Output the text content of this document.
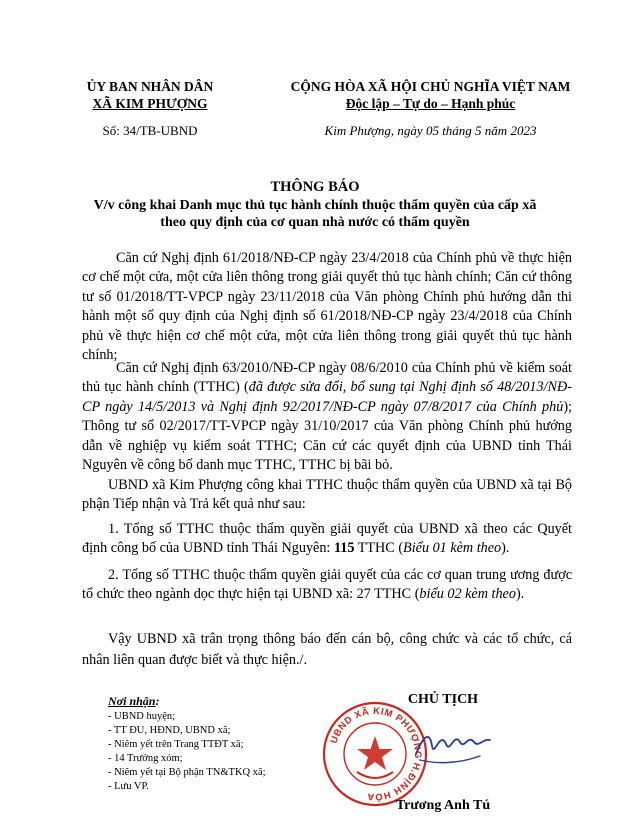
ỦY BAN NHÂN DÂN
XÃ KIM PHƯỢNG
Số: 34/TB-UBND
CỘNG HÒA XÃ HỘI CHỦ NGHĨA VIỆT NAM
Độc lập – Tự do – Hạnh phúc
Kim Phượng, ngày 05 tháng 5 năm 2023
THÔNG BÁO
V/v công khai Danh mục thủ tục hành chính thuộc thẩm quyền của cấp xã
theo quy định của cơ quan nhà nước có thẩm quyền
Căn cứ Nghị định 61/2018/NĐ-CP ngày 23/4/2018 của Chính phủ về thực hiện cơ chế một cửa, một cửa liên thông trong giải quyết thủ tục hành chính; Căn cứ thông tư số 01/2018/TT-VPCP ngày 23/11/2018 của Văn phòng Chính phủ hướng dẫn thi hành một số quy định của Nghị định số 61/2018/NĐ-CP ngày 23/4/2018 của Chính phủ về thực hiện cơ chế một cửa, một cửa liên thông trong giải quyết thủ tục hành chính;
Căn cứ Nghị định 63/2010/NĐ-CP ngày 08/6/2010 của Chính phủ về kiểm soát thủ tục hành chính (TTHC) (đã được sửa đổi, bổ sung tại Nghị định số 48/2013/NĐ-CP ngày 14/5/2013 và Nghị định 92/2017/NĐ-CP ngày 07/8/2017 của Chính phủ); Thông tư số 02/2017/TT-VPCP ngày 31/10/2017 của Văn phòng Chính phủ hướng dẫn về nghiệp vụ kiểm soát TTHC; Căn cứ các quyết định của UBND tỉnh Thái Nguyên về công bố danh mục TTHC, TTHC bị bãi bỏ.
UBND xã Kim Phượng công khai TTHC thuộc thẩm quyền của UBND xã tại Bộ phận Tiếp nhận và Trả kết quả như sau:
1. Tổng số TTHC thuộc thẩm quyền giải quyết của UBND xã theo các Quyết định công bố của UBND tỉnh Thái Nguyên: 115 TTHC (Biểu 01 kèm theo).
2. Tổng số TTHC thuộc thẩm quyền giải quyết của các cơ quan trung ương được tổ chức theo ngành dọc thực hiện tại UBND xã: 27 TTHC (biểu 02 kèm theo).
Vậy UBND xã trân trọng thông báo đến cán bộ, công chức và các tổ chức, cá nhân liên quan được biết và thực hiện./.
Nơi nhận:
- UBND huyện;
- TT ĐU, HĐND, UBND xã;
- Niêm yết trên Trang TTĐT xã;
- 14 Trưởng xóm;
- Niêm yết tại Bộ phận TN&TKQ xã;
- Lưu VP.
CHỦ TỊCH
UBND XÃ KIM PHƯỢNG H.ĐỊNH HÓA
Trương Anh Tú
